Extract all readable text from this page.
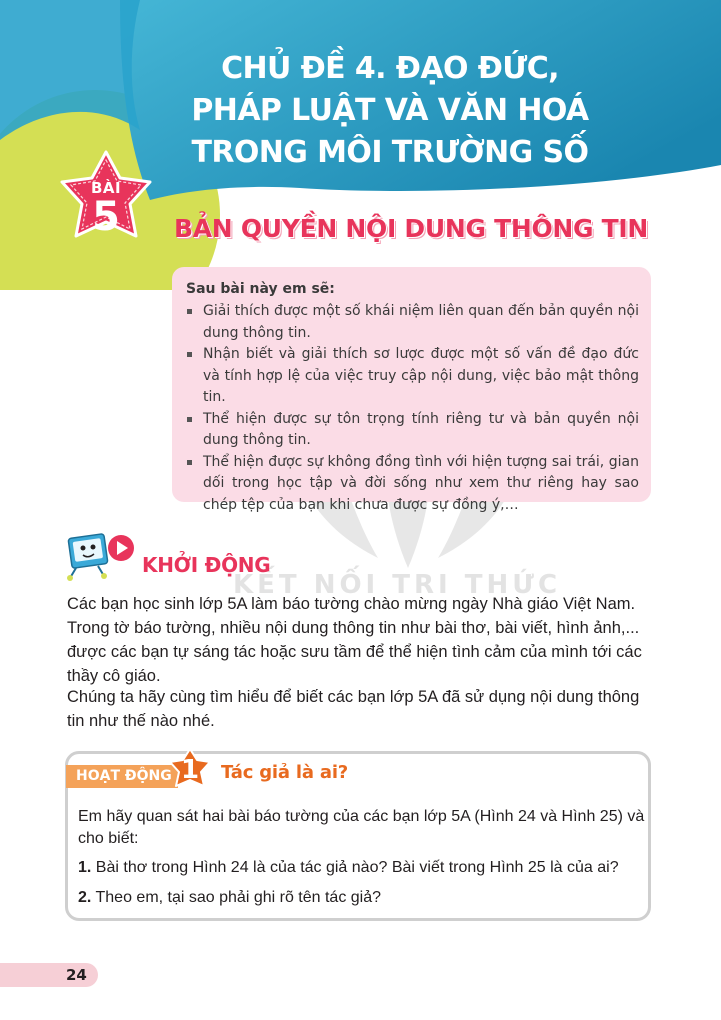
CHỦ ĐỀ 4. ĐẠO ĐỨC,
PHÁP LUẬT VÀ VĂN HOÁ
TRONG MÔI TRƯỜNG SỐ
BÀI
5 BẢN QUYỀN NỘI DUNG THÔNG TIN
KẾT NỐI TRI THỨC
Sau bài này em sẽ:
Giải thích được một số khái niệm liên quan đến bản quyền nội dung thông tin.
Nhận biết và giải thích sơ lược được một số vấn đề đạo đức và tính hợp lệ của việc truy cập nội dung, việc bảo mật thông tin.
Thể hiện được sự tôn trọng tính riêng tư và bản quyền nội dung thông tin.
Thể hiện được sự không đồng tình với hiện tượng sai trái, gian dối trong học tập và đời sống như xem thư riêng hay sao chép tệp của bạn khi chưa được sự đồng ý,…
KHỞI ĐỘNG

Các bạn học sinh lớp 5A làm báo tường chào mừng ngày Nhà giáo Việt Nam. Trong tờ báo tường, nhiều nội dung thông tin như bài thơ, bài viết, hình ảnh,... được các bạn tự sáng tác hoặc sưu tầm để thể hiện tình cảm của mình tới các thầy cô giáo.

Chúng ta hãy cùng tìm hiểu để biết các bạn lớp 5A đã sử dụng nội dung thông tin như thế nào nhé.

HOẠT ĐỘNG 1	Tác giả là ai?

Em hãy quan sát hai bài báo tường của các bạn lớp 5A (Hình 24 và Hình 25) và cho biết:

1. Bài thơ trong Hình 24 là của tác giả nào? Bài viết trong Hình 25 là của ai?

2. Theo em, tại sao phải ghi rõ tên tác giả?

24
